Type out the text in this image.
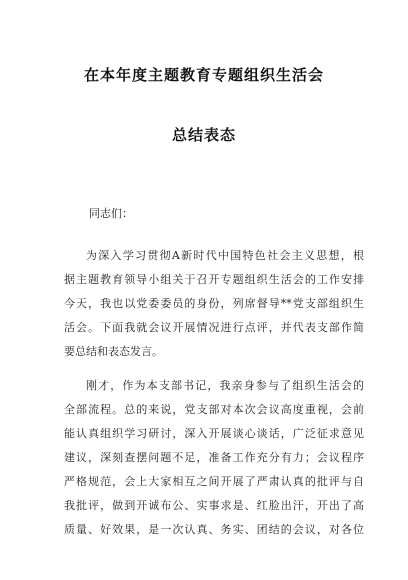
在本年度主题教育专题组织生活会
总结表态
同志们：
为深入学习贯彻A新时代中国特色社会主义思想，根
据主题教育领导小组关于召开专题组织生活会的工作安排
今天，我也以党委委员的身份，列席督导**党支部组织生
活会。下面我就会议开展情况进行点评，并代表支部作简
要总结和表态发言。
刚才，作为本支部书记，我亲身参与了组织生活会的
全部流程。总的来说，党支部对本次会议高度重视，会前
能认真组织学习研讨，深入开展谈心谈话，广泛征求意见
建议，深刻查摆问题不足，准备工作充分有力；会议程序
严格规范，会上大家相互之间开展了严肃认真的批评与自
我批评，做到开诚布公、实事求是、红脸出汗，开出了高
质量、好效果，是一次认真、务实、团结的会议，对各位
